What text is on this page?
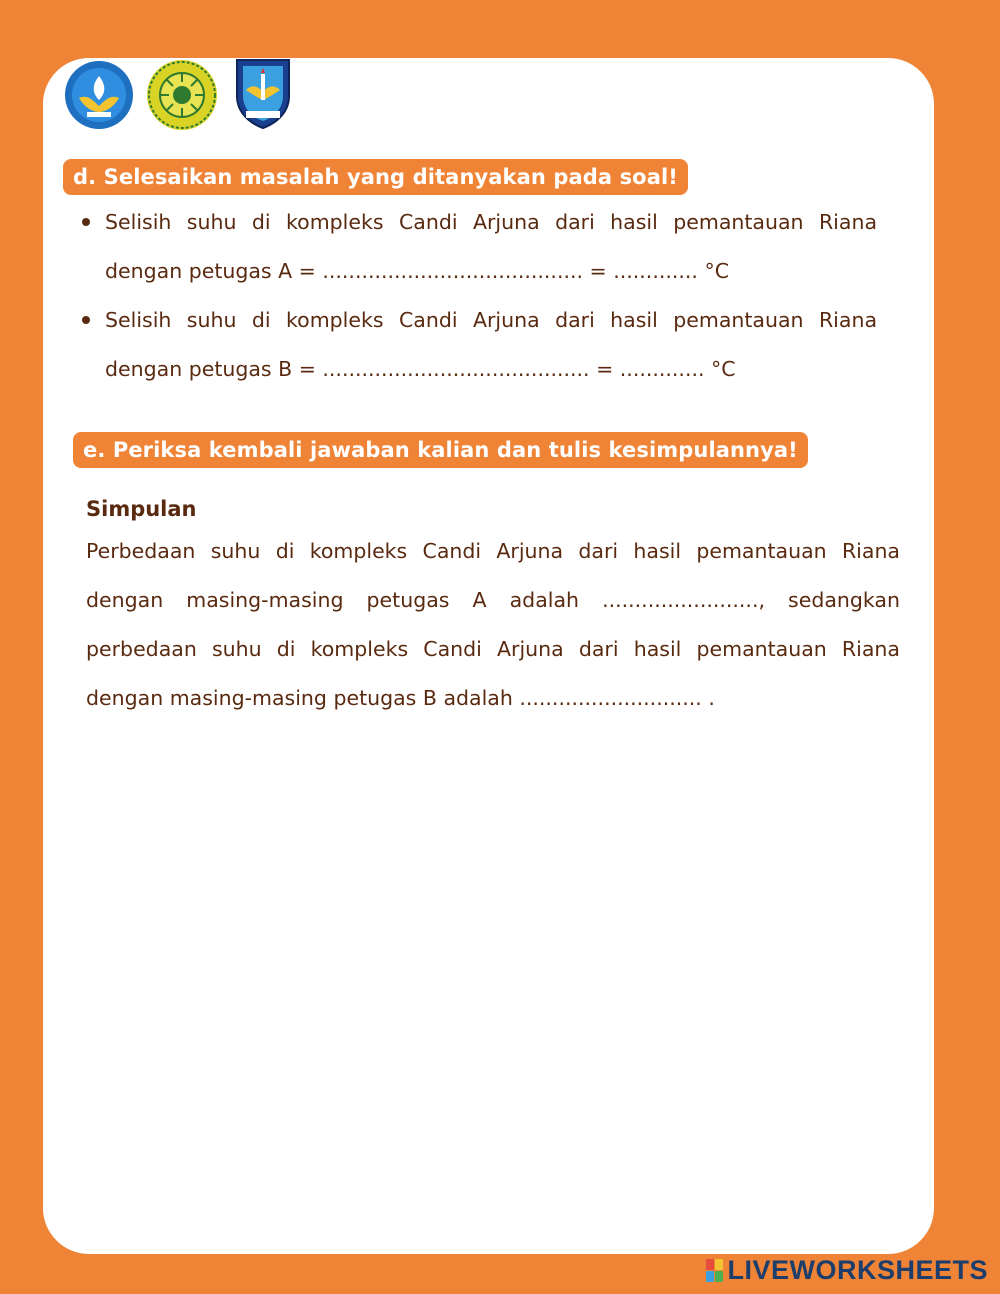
d. Selesaikan masalah yang ditanyakan pada soal!
Selisih suhu di kompleks Candi Arjuna dari hasil pemantauan Riana
dengan petugas A = ........................................ = ............. °C
Selisih suhu di kompleks Candi Arjuna dari hasil pemantauan Riana
dengan petugas B = ......................................... = ............. °C
e. Periksa kembali jawaban kalian dan tulis kesimpulannya!
Simpulan
Perbedaan suhu di kompleks Candi Arjuna dari hasil pemantauan Riana
dengan masing-masing petugas A adalah ........................, sedangkan
perbedaan suhu di kompleks Candi Arjuna dari hasil pemantauan Riana
dengan masing-masing petugas B adalah ............................ .
LIVEWORKSHEETS
